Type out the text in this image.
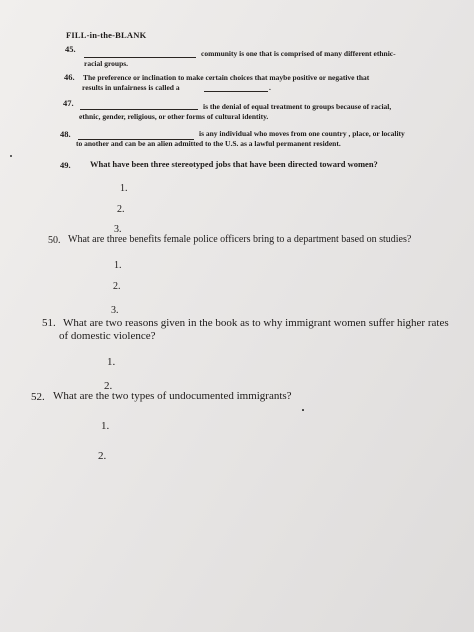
FILL-in-the-BLANK
45.	community is one that is comprised of many different ethnic-
racial groups.
46. The preference or inclination to make certain choices that maybe positive or negative that
results in unfairness is called a	.
47.	is the denial of equal treatment to groups because of racial,
ethnic, gender, religious, or other forms of cultural identity.
48.	is any individual who moves from one country , place, or locality
to another and can be an alien admitted to the U.S. as a lawful permanent resident.
49. What have been three stereotyped jobs that have been directed toward women?
1.
2.
3.
50. What are three benefits female police officers bring to a department based on studies?
1.
2.
3.
51. What are two reasons given in the book as to why immigrant women suffer higher rates
of domestic violence?
1.
2.
52. What are the two types of undocumented immigrants?
1.
2.
